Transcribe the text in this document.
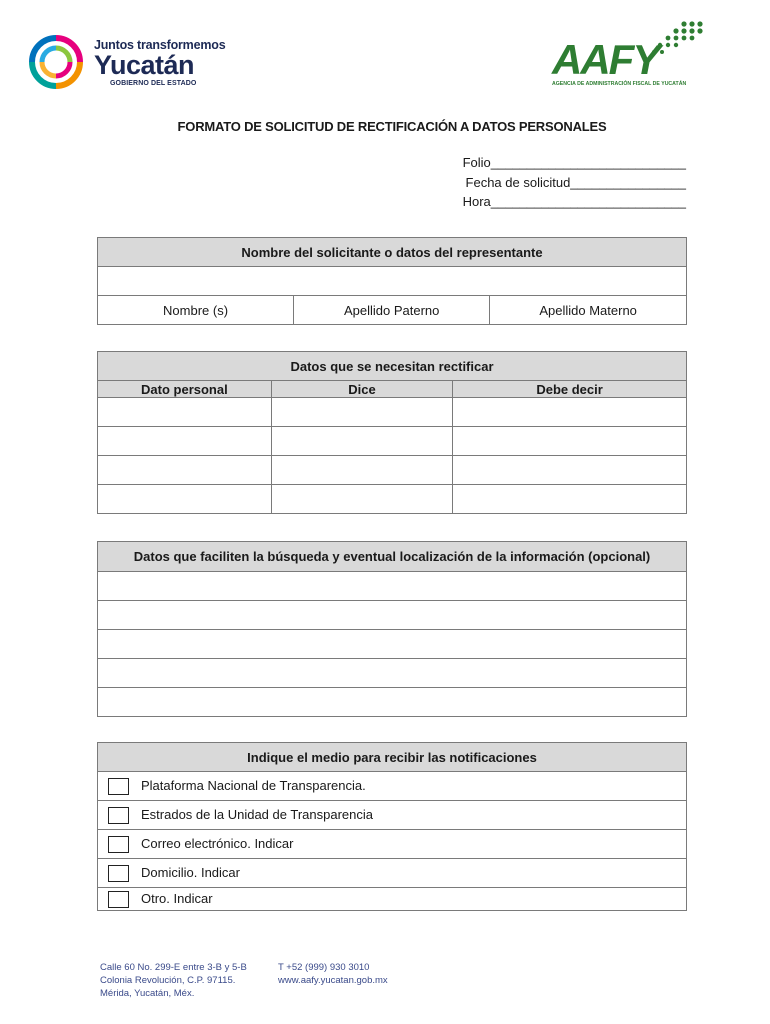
Juntos transformemos
Yucatán
GOBIERNO DEL ESTADO
AAFY
AGENCIA DE ADMINISTRACIÓN FISCAL DE YUCATÁN
FORMATO DE SOLICITUD DE RECTIFICACIÓN A DATOS PERSONALES
Folio___________________________
Fecha de solicitud________________
Hora___________________________
Nombre del solicitante o datos del representante

Nombre (s)	Apellido Paterno	Apellido Materno
Datos que se necesitan rectificar		
Dato personal	Dice	Debe decir

Datos que faciliten la búsqueda y eventual localización de la información (opcional)

Indique el medio para recibir las notificaciones
Plataforma Nacional de Transparencia.
Estrados de la Unidad de Transparencia
Correo electrónico. Indicar
Domicilio. Indicar
Otro. Indicar
Calle 60 No. 299-E entre 3-B y 5-B
Colonia Revolución, C.P. 97115.
Mérida, Yucatán, Méx.
T +52 (999) 930 3010
www.aafy.yucatan.gob.mx
